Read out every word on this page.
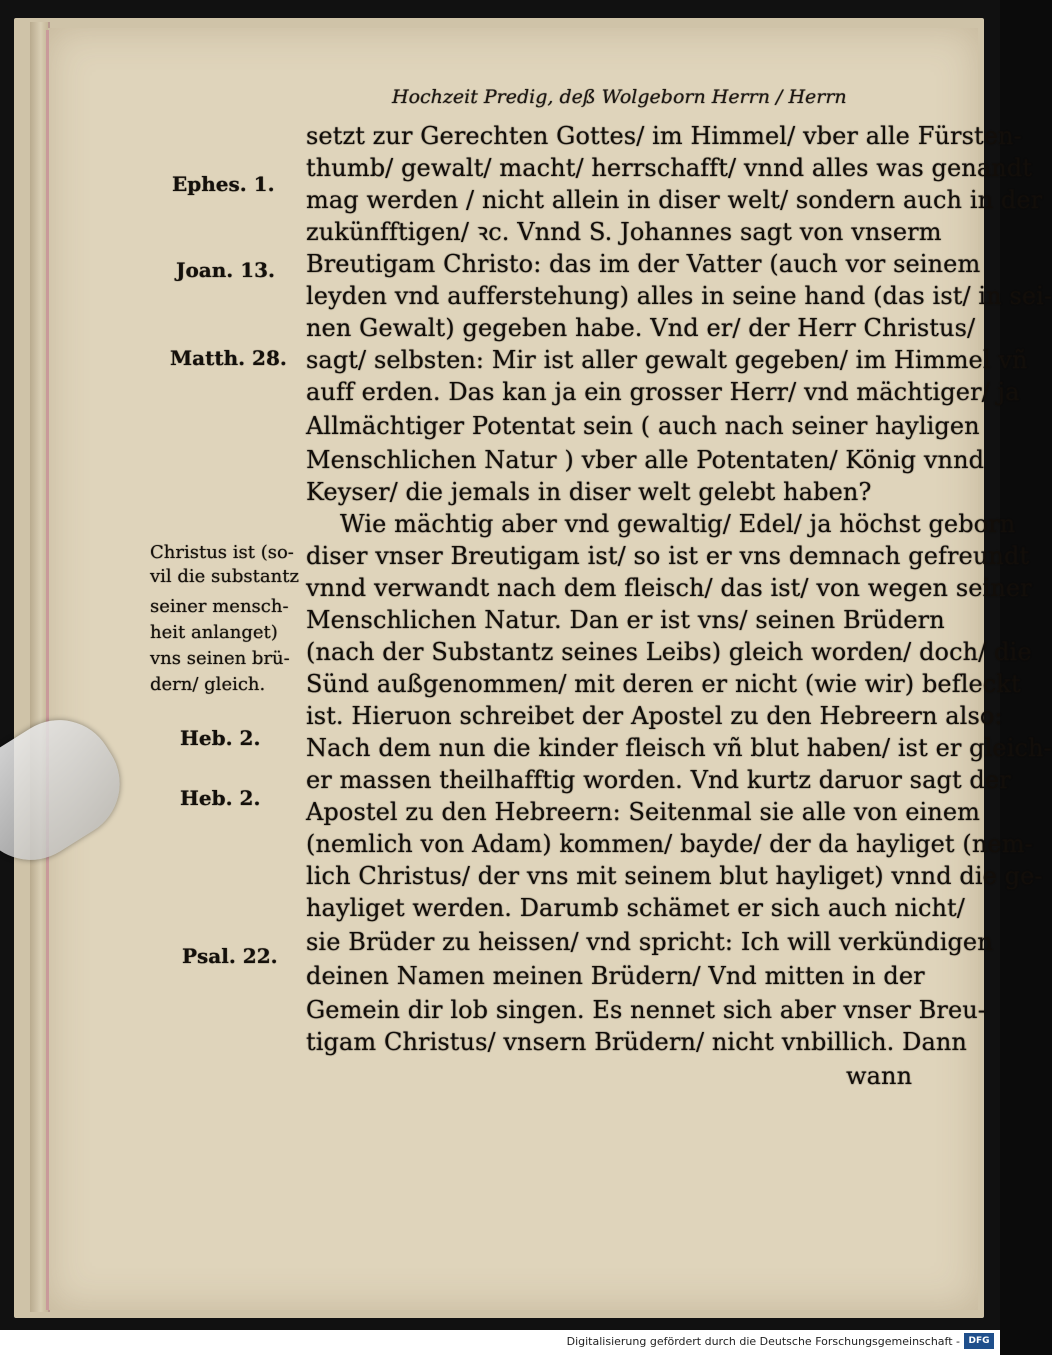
Hochzeit Predig, deß Wolgeborn Herrn / Herrn
setzt zur Gerechten Gottes/ im Himmel/ vber alle Fürsten-
thumb/ gewalt/ macht/ herrschafft/ vnnd alles was genandt
mag werden / nicht allein in diser welt/ sondern auch in der
zukünfftigen/ ꝛc. Vnnd S. Johannes sagt von vnserm
Breutigam Christo: das im der Vatter (auch vor seinem
leyden vnd aufferstehung) alles in seine hand (das ist/ in sei-
nen Gewalt) gegeben habe. Vnd er/ der Herr Christus/
sagt/ selbsten: Mir ist aller gewalt gegeben/ im Himmel vñ
auff erden. Das kan ja ein grosser Herr/ vnd mächtiger/ ja
Allmächtiger Potentat sein ( auch nach seiner hayligen
Menschlichen Natur ) vber alle Potentaten/ König vnnd
Keyser/ die jemals in diser welt gelebt haben?
Wie mächtig aber vnd gewaltig/ Edel/ ja höchst geborn
diser vnser Breutigam ist/ so ist er vns demnach gefreundt
vnnd verwandt nach dem fleisch/ das ist/ von wegen seiner
Menschlichen Natur. Dan er ist vns/ seinen Brüdern
(nach der Substantz seines Leibs) gleich worden/ doch/ die
Sünd außgenommen/ mit deren er nicht (wie wir) befleckt
ist. Hieruon schreibet der Apostel zu den Hebreern also:
Nach dem nun die kinder fleisch vñ blut haben/ ist er gleich-
er massen theilhafftig worden. Vnd kurtz daruor sagt der
Apostel zu den Hebreern: Seitenmal sie alle von einem
(nemlich von Adam) kommen/ bayde/ der da hayliget (nem-
lich Christus/ der vns mit seinem blut hayliget) vnnd die ge-
hayliget werden. Darumb schämet er sich auch nicht/
sie Brüder zu heissen/ vnd spricht: Ich will verkündigen
deinen Namen meinen Brüdern/ Vnd mitten in der
Gemein dir lob singen. Es nennet sich aber vnser Breu-
tigam Christus/ vnsern Brüdern/ nicht vnbillich. Dann
wann
Ephes. 1.
Joan. 13.
Matth. 28.
Christus ist (so-
vil die substantz
seiner mensch-
heit anlanget)
vns seinen brü-
dern/ gleich.
Heb. 2.
Heb. 2.
Psal. 22.
Digitalisierung gefördert durch die Deutsche Forschungsgemeinschaft - DFG
